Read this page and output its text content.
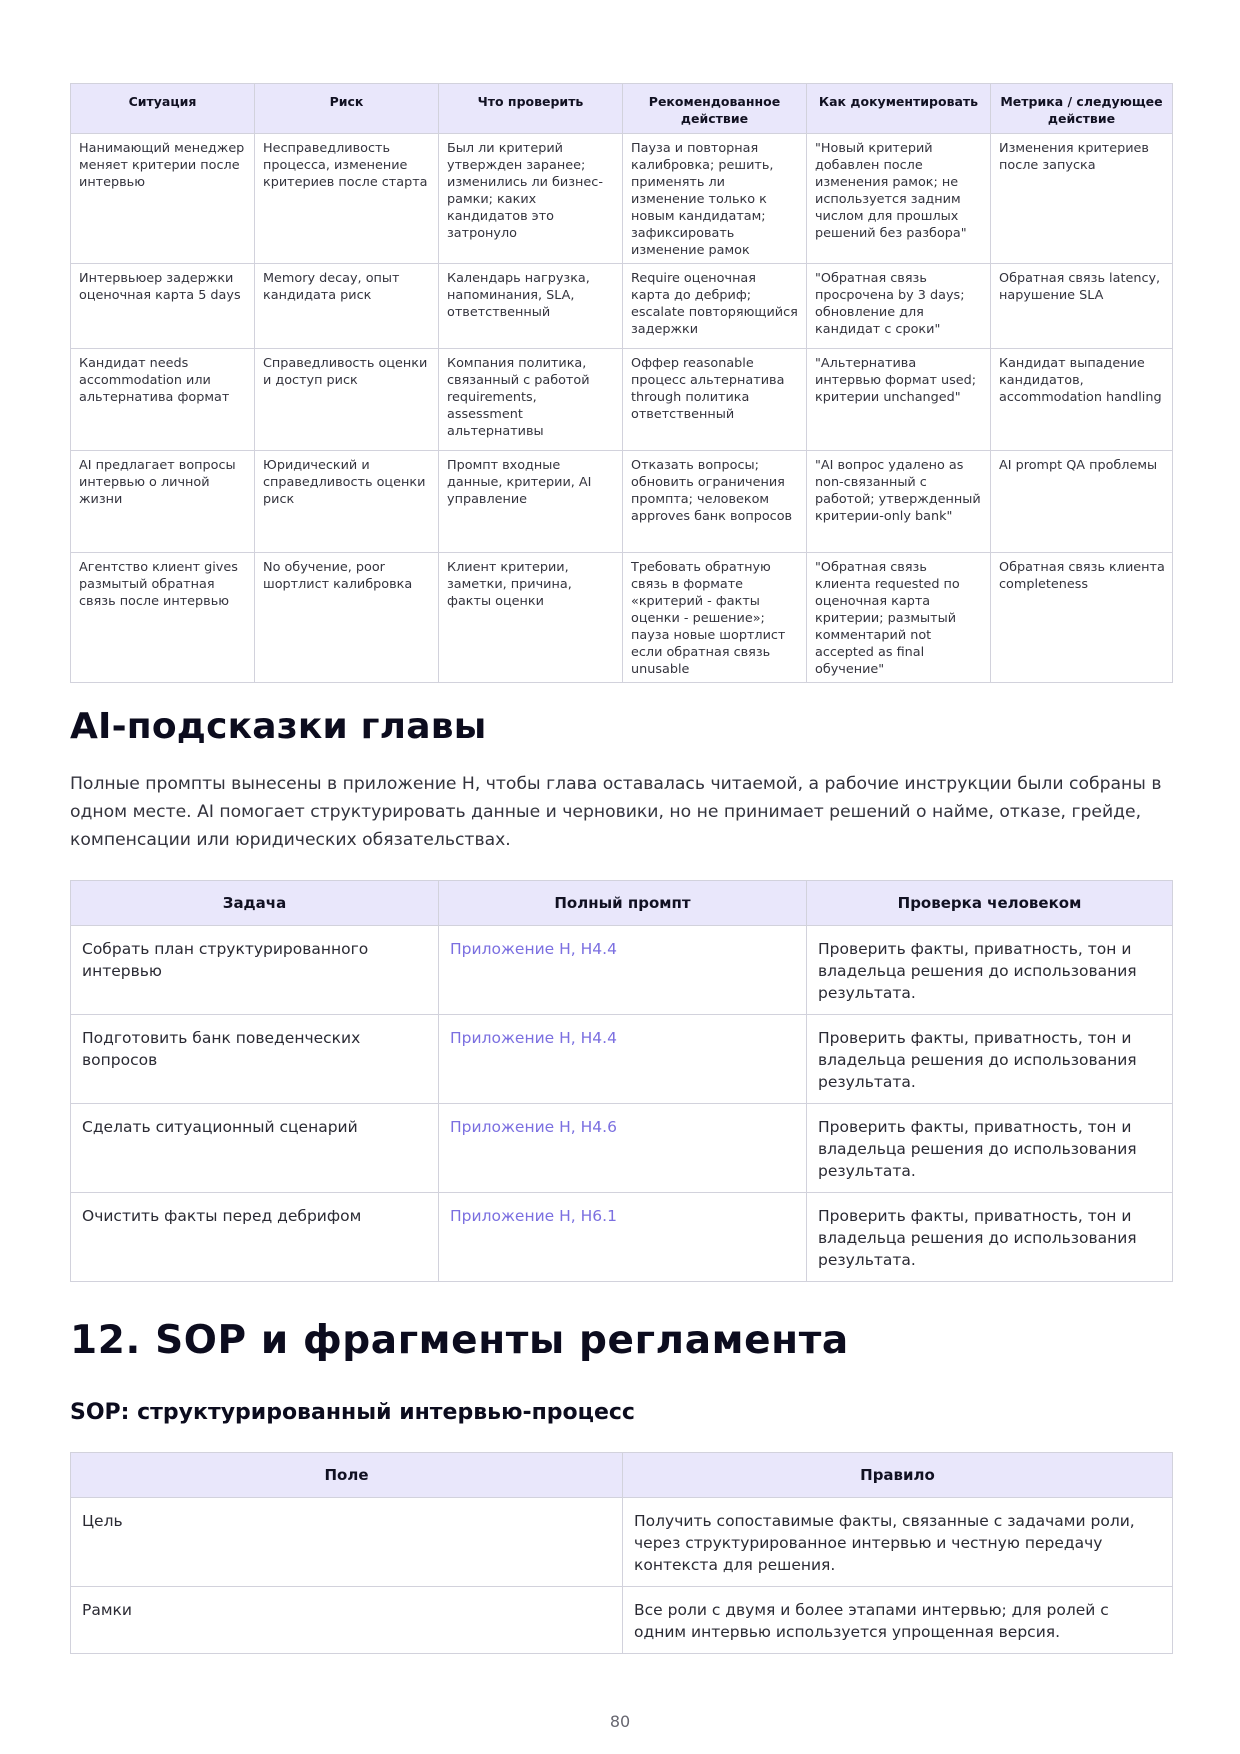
Ситуация	Риск	Что проверить	Рекомендованное действие	Как документировать	Метрика / следующее действие
Нанимающий менеджер меняет критерии после интервью	Несправедливость процесса, изменение критериев после старта	Был ли критерий утвержден заранее; изменились ли бизнес-рамки; каких кандидатов это затронуло	Пауза и повторная калибровка; решить, применять ли изменение только к новым кандидатам; зафиксировать изменение рамок	"Новый критерий добавлен после изменения рамок; не используется задним числом для прошлых решений без разбора"	Изменения критериев после запуска
Интервьюер задержки оценочная карта 5 days	Memory decay, опыт кандидата риск	Календарь нагрузка, напоминания, SLA, ответственный	Require оценочная карта до дебриф; escalate повторяющийся задержки	"Обратная связь просрочена by 3 days; обновление для кандидат с сроки"	Обратная связь latency, нарушение SLA
Кандидат needs accommodation или альтернатива формат	Справедливость оценки и доступ риск	Компания политика, связанный с работой requirements, assessment альтернативы	Оффер reasonable процесс альтернатива through политика ответственный	"Альтернатива интервью формат used; критерии unchanged"	Кандидат выпадение кандидатов, accommodation handling
AI предлагает вопросы интервью о личной жизни	Юридический и справедливость оценки риск	Промпт входные данные, критерии, AI управление	Отказать вопросы; обновить ограничения промпта; человеком approves банк вопросов	"AI вопрос удалено as non-связанный с работой; утвержденный критерии-only bank"	AI prompt QA проблемы
Агентство клиент gives размытый обратная связь после интервью	No обучение, poor шортлист калибровка	Клиент критерии, заметки, причина, факты оценки	Требовать обратную связь в формате «критерий - факты оценки - решение»; пауза новые шортлист если обратная связь unusable	"Обратная связь клиента requested по оценочная карта критерии; размытый комментарий not accepted as final обучение"	Обратная связь клиента completeness
AI-подсказки главы

Полные промпты вынесены в приложение H, чтобы глава оставалась читаемой, а рабочие инструкции были собраны в одном месте. AI помогает структурировать данные и черновики, но не принимает решений о найме, отказе, грейде, компенсации или юридических обязательствах.

Задача	Полный промпт	Проверка человеком
Собрать план структурированного интервью	Приложение H, H4.4	Проверить факты, приватность, тон и владельца решения до использования результата.
Подготовить банк поведенческих вопросов	Приложение H, H4.4	Проверить факты, приватность, тон и владельца решения до использования результата.
Сделать ситуационный сценарий	Приложение H, H4.6	Проверить факты, приватность, тон и владельца решения до использования результата.
Очистить факты перед дебрифом	Приложение H, H6.1	Проверить факты, приватность, тон и владельца решения до использования результата.
12. SOP и фрагменты регламента
SOP: структурированный интервью-процесс
Поле	Правило
Цель	Получить сопоставимые факты, связанные с задачами роли, через структурированное интервью и честную передачу контекста для решения.
Рамки	Все роли с двумя и более этапами интервью; для ролей с одним интервью используется упрощенная версия.
80
